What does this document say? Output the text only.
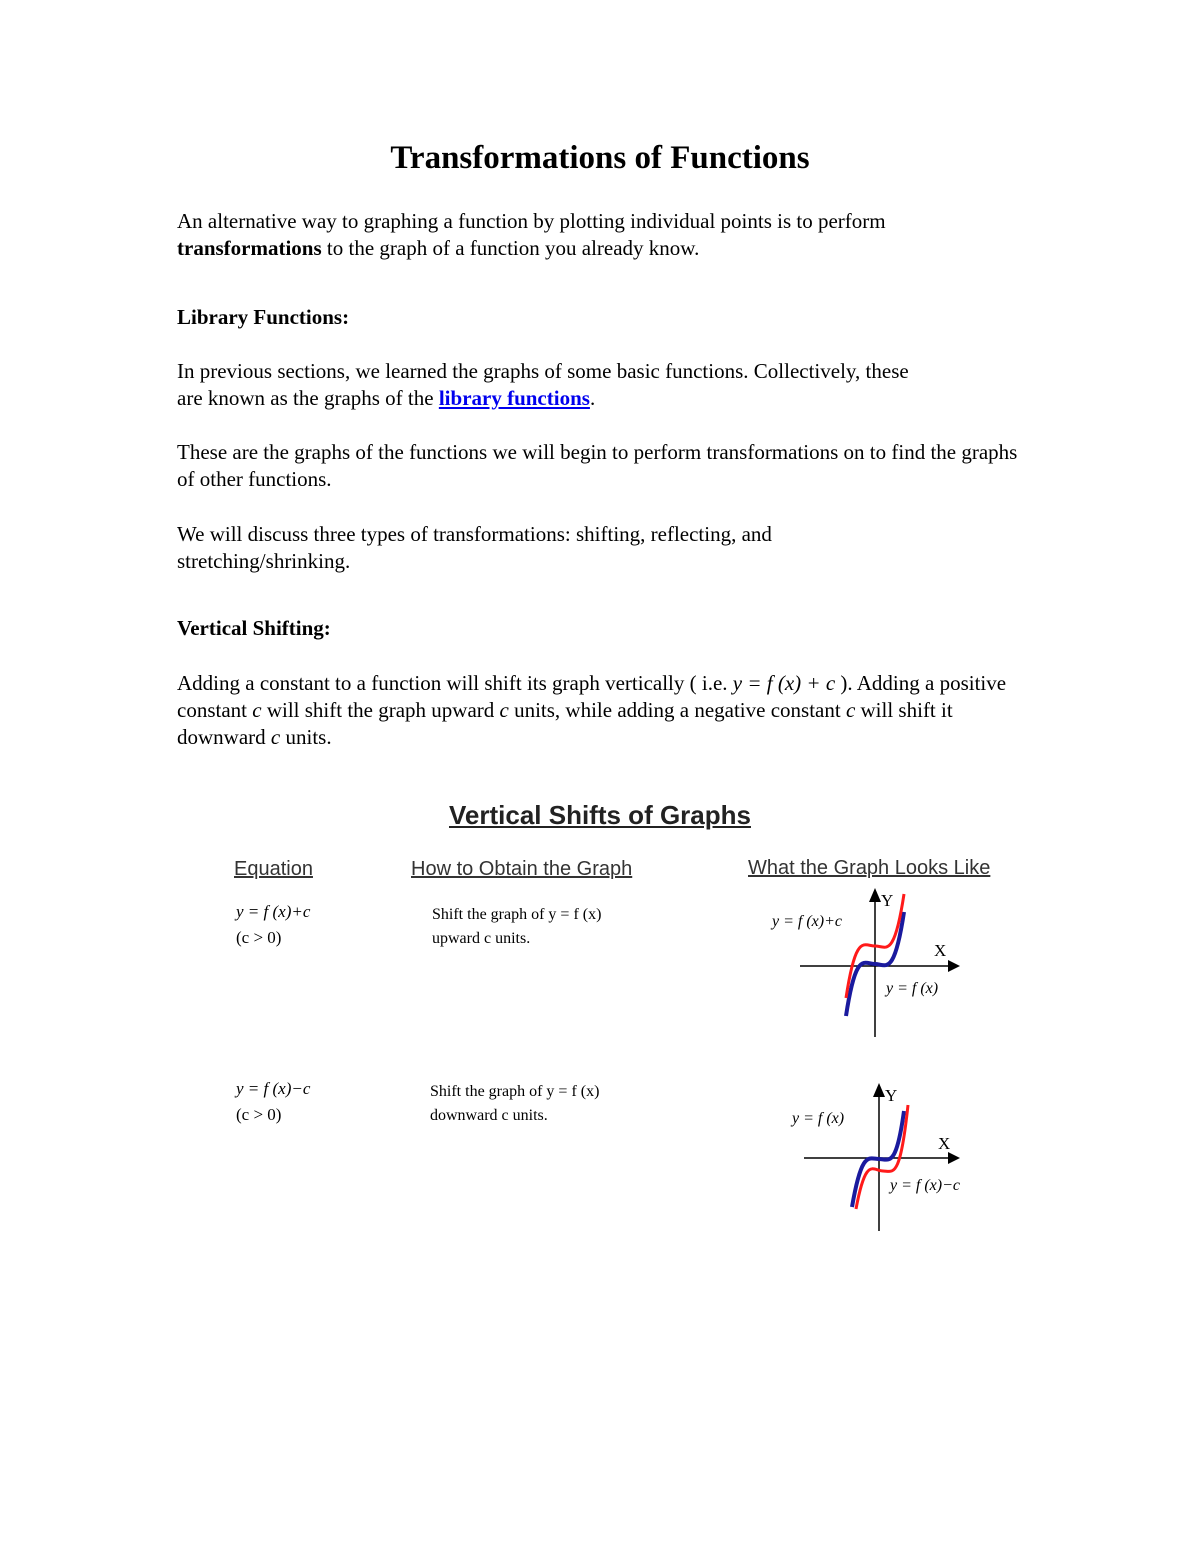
Transformations of Functions
An alternative way to graphing a function by plotting individual points is to perform
transformations to the graph of a function you already know.
Library Functions:
In previous sections, we learned the graphs of some basic functions. Collectively, these
are known as the graphs of the library functions.
These are the graphs of the functions we will begin to perform transformations on to find the graphs of other functions.
We will discuss three types of transformations: shifting, reflecting, and stretching/shrinking.
Vertical Shifting:
Adding a constant to a function will shift its graph vertically ( i.e. y = f (x) + c ). Adding a positive constant c will shift the graph upward c units, while adding a negative constant c will shift it downward c units.
Vertical Shifts of Graphs
Equation	How to Obtain the Graph	What the Graph Looks Like
y = f (x)+c
(c > 0)
Shift the graph of y = f (x)
upward c units.
Y
X
y = f (x)+c
y = f (x)
y = f (x)−c
(c > 0)
Shift the graph of y = f (x)
downward c units.
Y
X
y = f (x)
y = f (x)−c
